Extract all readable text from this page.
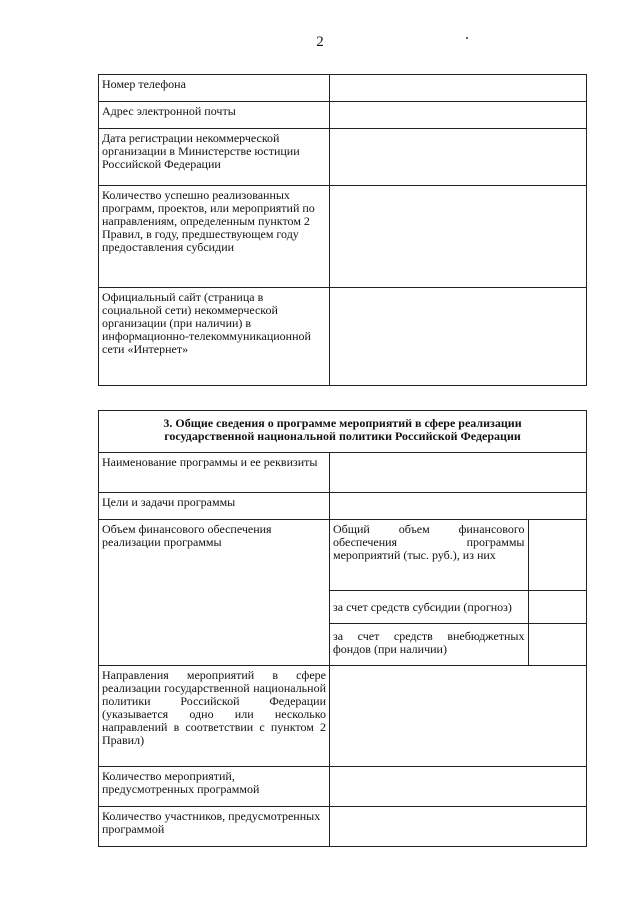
2
Номер телефона	
Адрес электронной почты	
Дата регистрации некоммерческой организации в Министерстве юстиции Российской Федерации	
Количество успешно реализованных программ, проектов, или мероприятий по направлениям, определенным пунктом 2 Правил, в году, предшествующем году предоставления субсидии	
Официальный сайт (страница в социальной сети) некоммерческой организации (при наличии) в информационно-телекоммуникационной сети «Интернет»	
3. Общие сведения о программе мероприятий в сфере реализации
государственной национальной политики Российской Федерации

Наименование программы и ее реквизиты	
Цели и задачи программы	
Объем финансового обеспечения реализации программы	
Общий объем финансового обеспечения программы мероприятий (тыс. руб.), из них	
за счет средств субсидии (прогноз)	
за счет средств внебюджетных фондов (при наличии)	

Направления мероприятий в сфере реализации государственной национальной политики Российской Федерации (указывается одно или несколько направлений в соответствии с пунктом 2 Правил)	
Количество мероприятий, предусмотренных программой	
Количество участников, предусмотренных программой	
